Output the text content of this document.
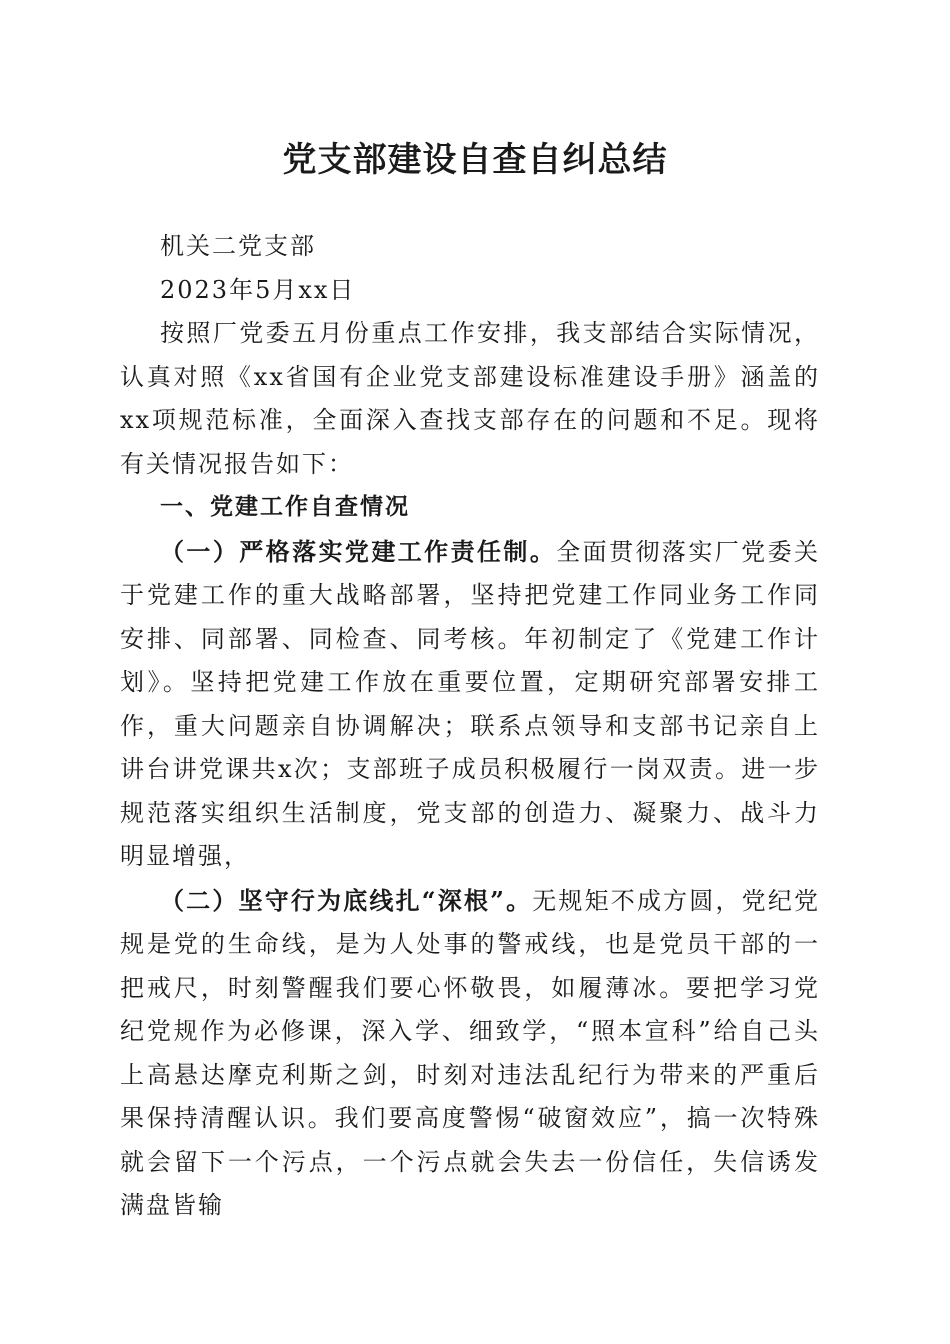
党支部建设自查自纠总结

机关二党支部

2023年5月xx日

按照厂党委五月份重点工作安排，我支部结合实际情况，认真对照《xx省国有企业党支部建设标准建设手册》涵盖的xx项规范标准，全面深入查找支部存在的问题和不足。现将有关情况报告如下：

一、党建工作自查情况

（一）严格落实党建工作责任制。全面贯彻落实厂党委关于党建工作的重大战略部署，坚持把党建工作同业务工作同安排、同部署、同检查、同考核。年初制定了《党建工作计划》。坚持把党建工作放在重要位置，定期研究部署安排工作，重大问题亲自协调解决；联系点领导和支部书记亲自上讲台讲党课共x次；支部班子成员积极履行一岗双责。进一步规范落实组织生活制度，党支部的创造力、凝聚力、战斗力明显增强，

（二）坚守行为底线扎“深根”。无规矩不成方圆，党纪党规是党的生命线，是为人处事的警戒线，也是党员干部的一把戒尺，时刻警醒我们要心怀敬畏，如履薄冰。要把学习党纪党规作为必修课，深入学、细致学，“照本宣科”给自己头上高悬达摩克利斯之剑，时刻对违法乱纪行为带来的严重后果保持清醒认识。我们要高度警惕“破窗效应”，搞一次特殊就会留下一个污点，一个污点就会失去一份信任，失信诱发满盘皆输
